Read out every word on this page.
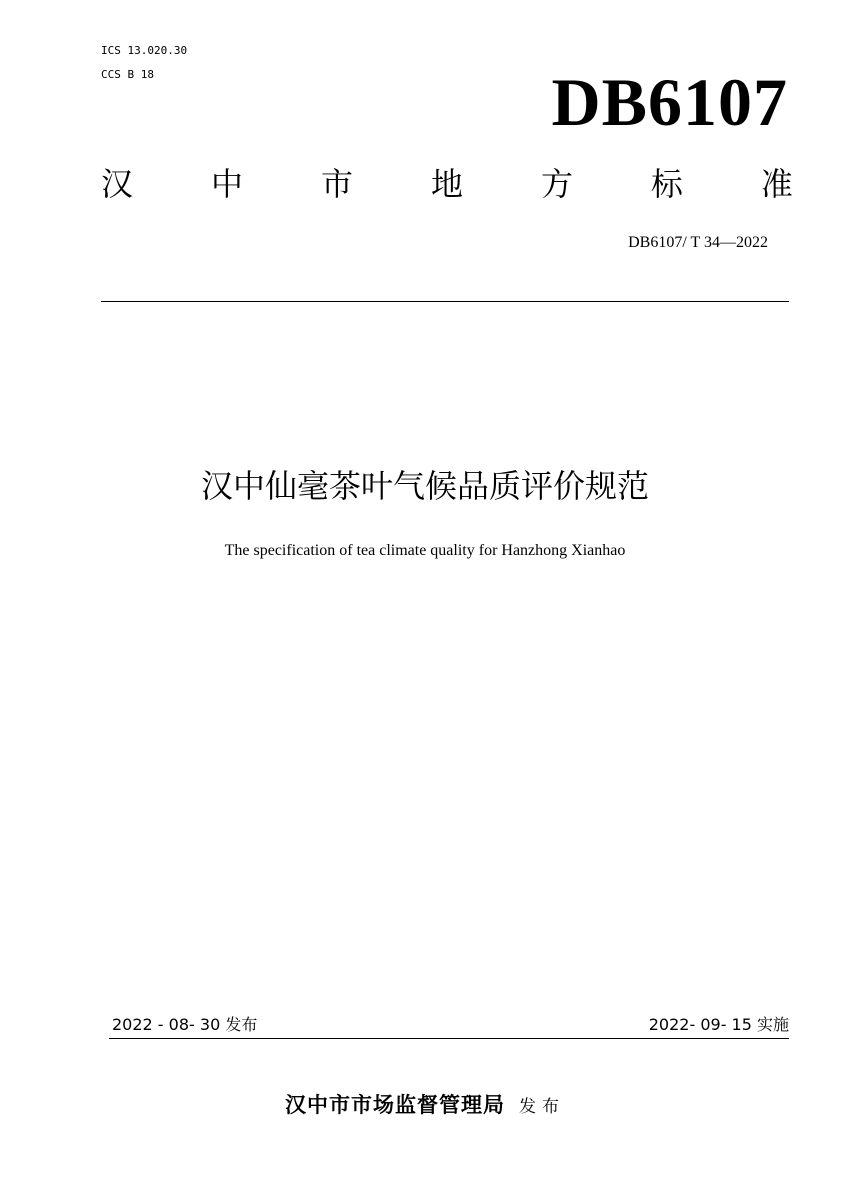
ICS 13.020.30
CCS B 18	DB6107
汉 中 市 地 方 标 准
DB6107/ T 34—2022
汉中仙毫茶叶气候品质评价规范
The specification of tea climate quality for Hanzhong Xianhao
2022 - 08- 30 发布	2022- 09- 15 实施
汉中市市场监督管理局 发布
